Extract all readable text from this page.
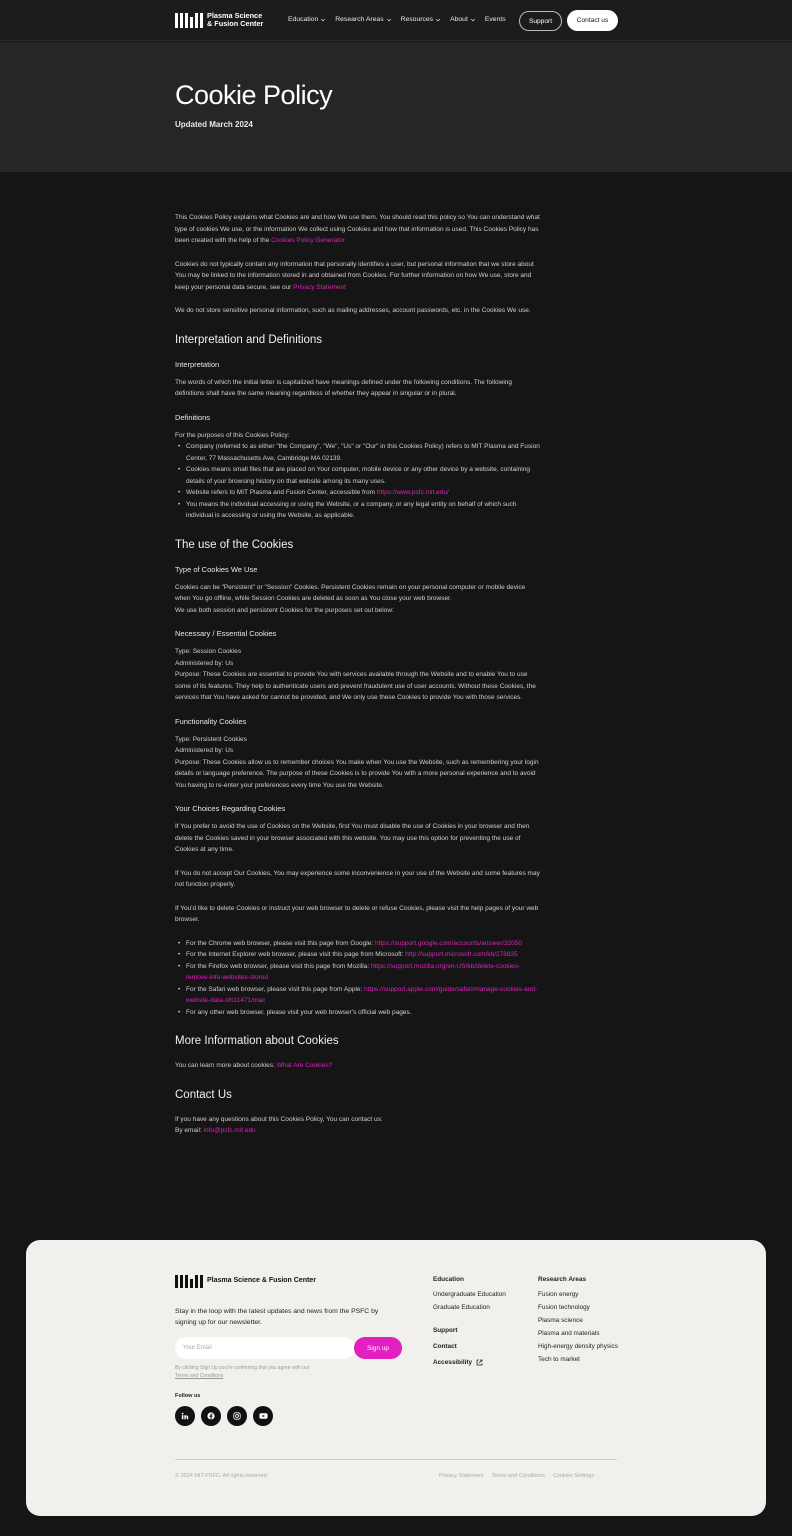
Plasma Science & Fusion Center	Education	Research Areas	Resources	About	Events	Support	Contact us
Cookie Policy
Updated March 2024

This Cookies Policy explains what Cookies are and how We use them. You should read this policy so You can understand what type of cookies We use, or the information We collect using Cookies and how that information is used. This Cookies Policy has been created with the help of the Cookies Policy Generator

Cookies do not typically contain any information that personally identifies a user, but personal information that we store about You may be linked to the information stored in and obtained from Cookies. For further information on how We use, store and keep your personal data secure, see our Privacy Statement

We do not store sensitive personal information, such as mailing addresses, account passwords, etc. in the Cookies We use.

Interpretation and Definitions
Interpretation

The words of which the initial letter is capitalized have meanings defined under the following conditions. The following definitions shall have the same meaning regardless of whether they appear in singular or in plural.

Definitions

For the purposes of this Cookies Policy:

• Company (referred to as either "the Company", "We", "Us" or "Our" in this Cookies Policy) refers to MIT Plasma and Fusion Center, 77 Massachusetts Ave, Cambridge MA 02139.
• Cookies means small files that are placed on Your computer, mobile device or any other device by a website, containing details of your browsing history on that website among its many uses.
• Website refers to MIT Plasma and Fusion Center, accessible from https://www.psfc.mit.edu/
• You means the individual accessing or using the Website, or a company, or any legal entity on behalf of which such individual is accessing or using the Website, as applicable.
The use of the Cookies
Type of Cookies We Use

Cookies can be "Persistent" or "Session" Cookies. Persistent Cookies remain on your personal computer or mobile device when You go offline, while Session Cookies are deleted as soon as You close your web browser.

We use both session and persistent Cookies for the purposes set out below:

Necessary / Essential Cookies

Type: Session Cookies

Administered by: Us

Purpose: These Cookies are essential to provide You with services available through the Website and to enable You to use some of its features. They help to authenticate users and prevent fraudulent use of user accounts. Without these Cookies, the services that You have asked for cannot be provided, and We only use these Cookies to provide You with those services.

Functionality Cookies

Type: Persistent Cookies

Administered by: Us

Purpose: These Cookies allow us to remember choices You make when You use the Website, such as remembering your login details or language preference. The purpose of these Cookies is to provide You with a more personal experience and to avoid You having to re-enter your preferences every time You use the Website.

Your Choices Regarding Cookies

If You prefer to avoid the use of Cookies on the Website, first You must disable the use of Cookies in your browser and then delete the Cookies saved in your browser associated with this website. You may use this option for preventing the use of Cookies at any time.

If You do not accept Our Cookies, You may experience some inconvenience in your use of the Website and some features may not function properly.

If You'd like to delete Cookies or instruct your web browser to delete or refuse Cookies, please visit the help pages of your web browser.

• For the Chrome web browser, please visit this page from Google: https://support.google.com/accounts/answer/32050
• For the Internet Explorer web browser, please visit this page from Microsoft: http://support.microsoft.com/kb/278835
• For the Firefox web browser, please visit this page from Mozilla: https://support.mozilla.org/en-US/kb/delete-cookies-remove-info-websites-stored
• For the Safari web browser, please visit this page from Apple: https://support.apple.com/guide/safari/manage-cookies-and-website-data-sfri11471/mac
• For any other web browser, please visit your web browser's official web pages.
More Information about Cookies

You can learn more about cookies: What Are Cookies?

Contact Us

If you have any questions about this Cookies Policy, You can contact us:

By email: info@psfc.mit.edu

Plasma Science & Fusion Center
Stay in the loop with the latest updates and news from the PSFC by signing up for our newsletter.
Your Email	Sign up
By clicking Sign Up you're confirming that you agree with our
Terms and Conditions
Follow us
Education
Undergraduate Education
Graduate Education
Support
Contact
Accessibility
Research Areas
Fusion energy
Fusion technology
Plasma science
Plasma and materials
High-energy density physics
Tech to market
© 2024 MIT PSFC. All rights reserved.	Privacy Statement Terms and Conditions Cookies Settings
